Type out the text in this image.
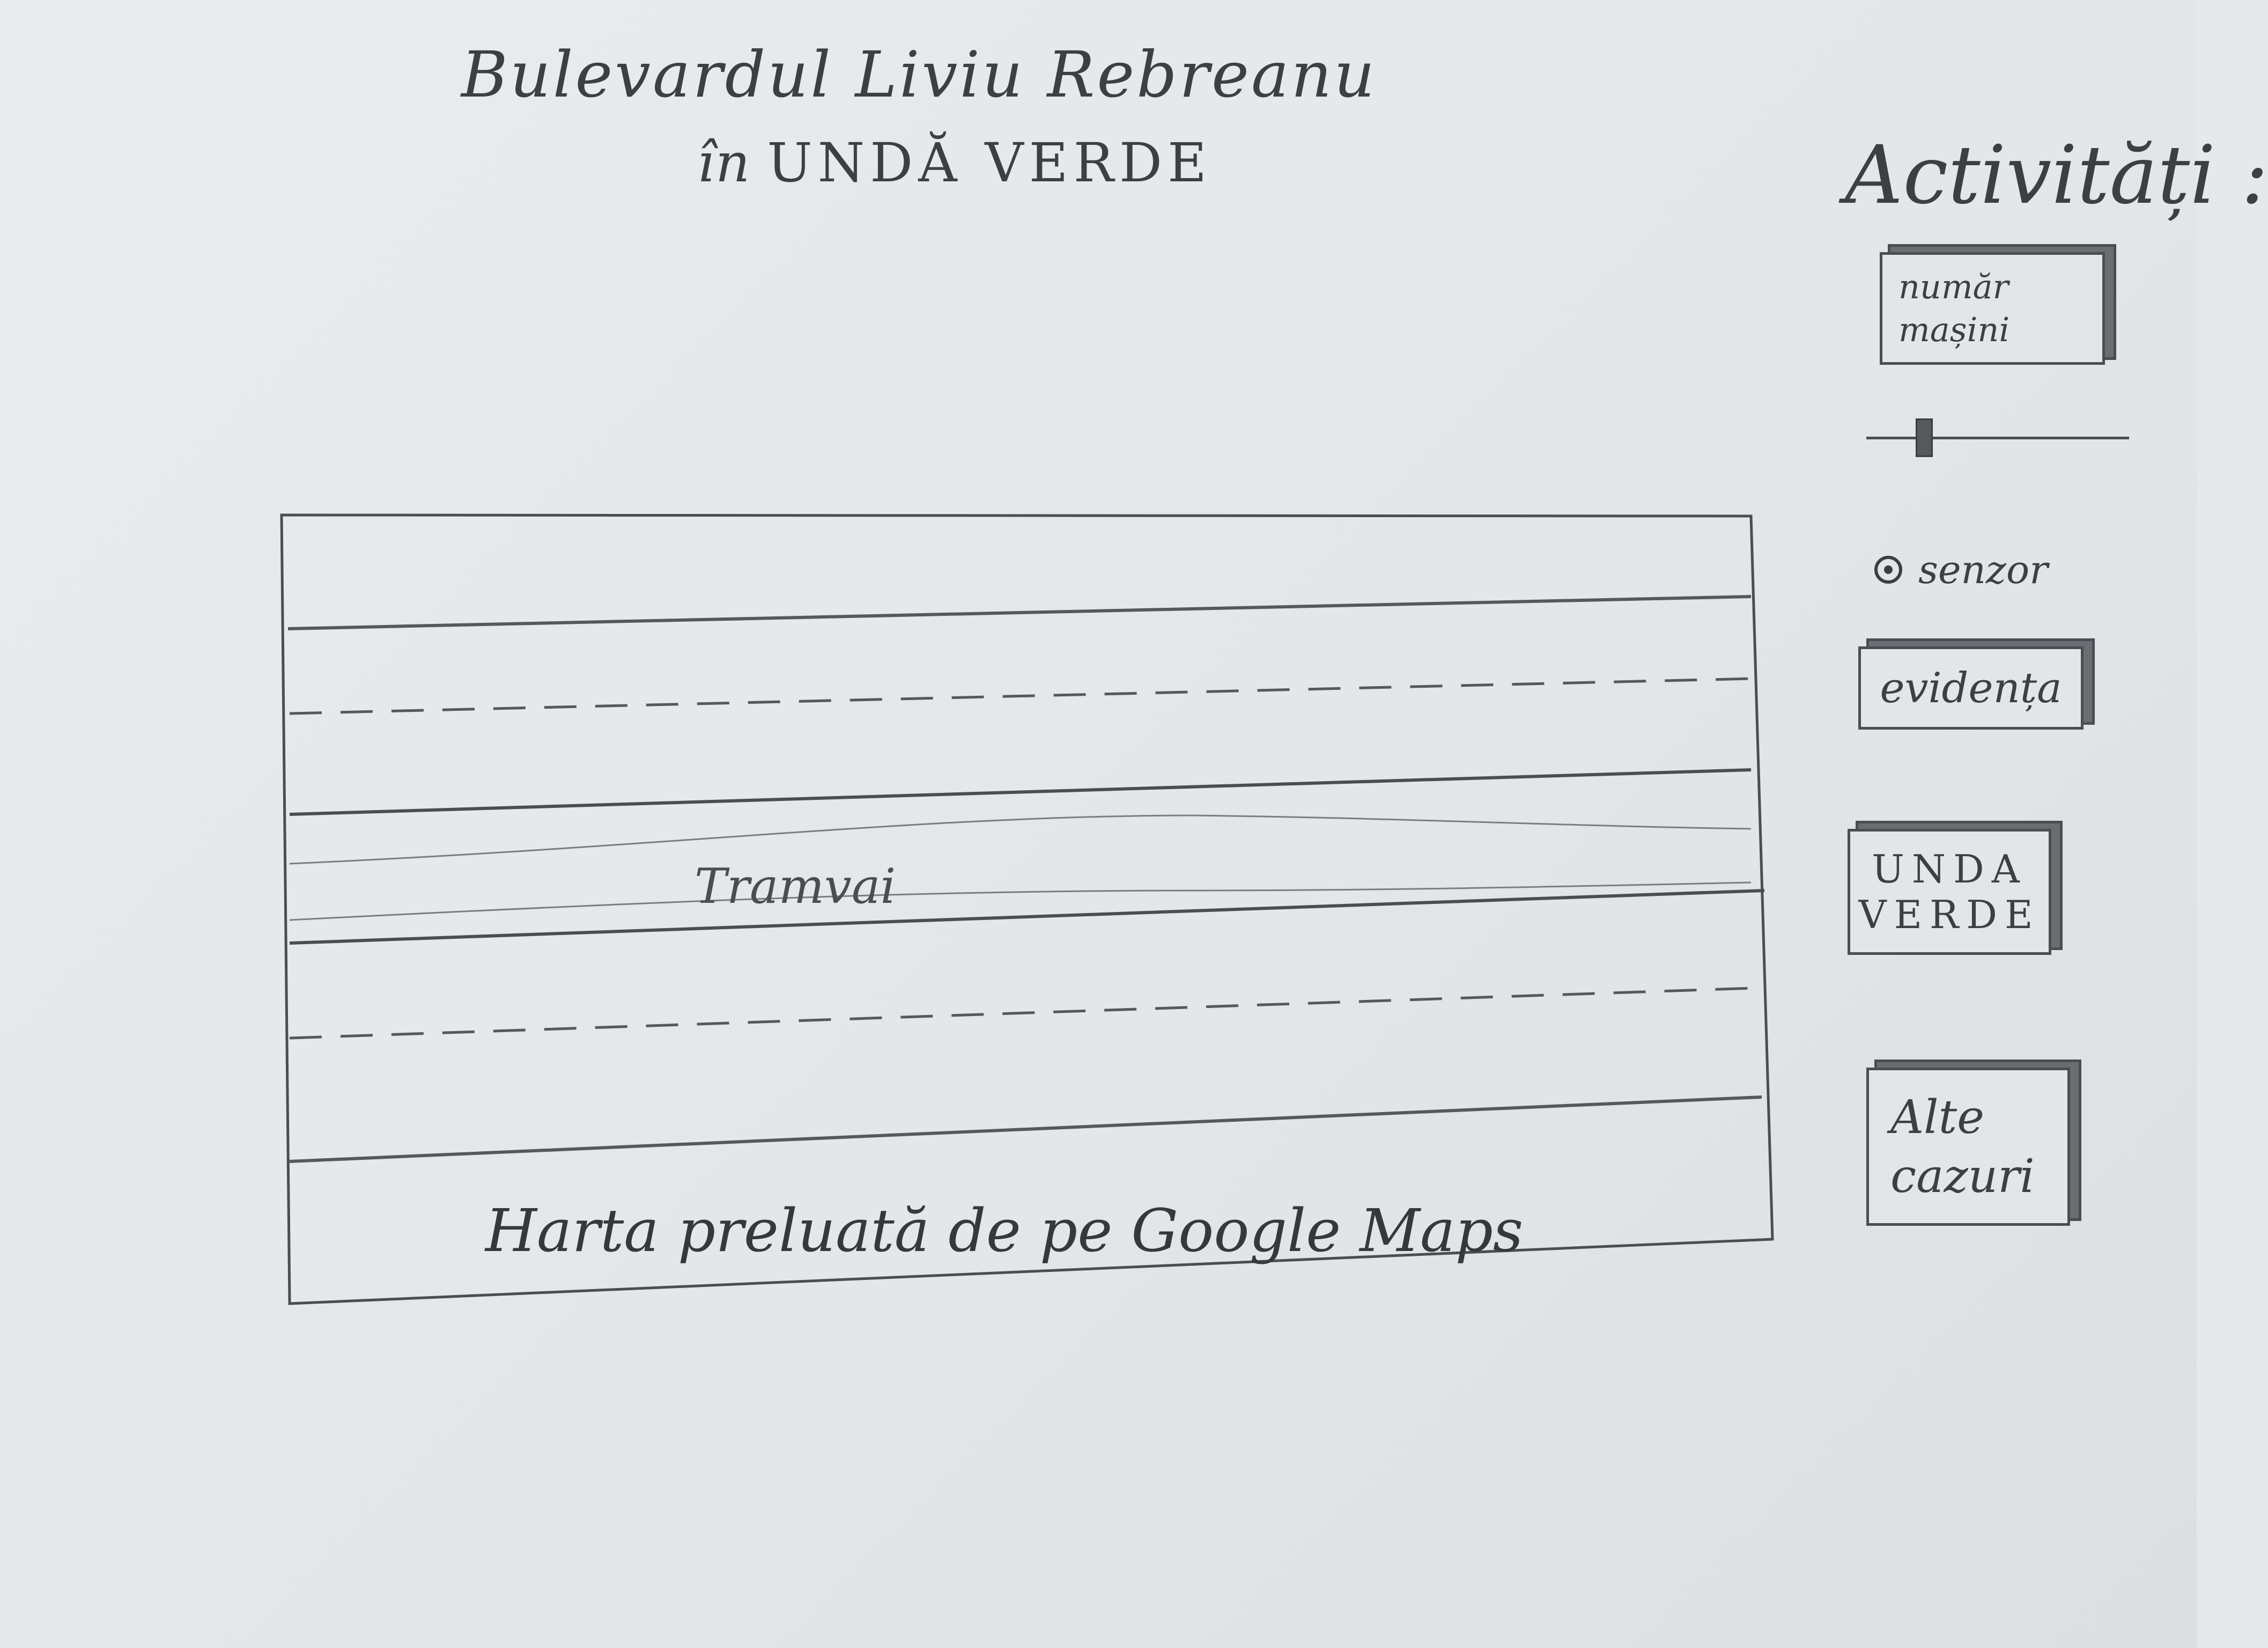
Bulevardul Liviu Rebreanu
în UNDĂ VERDE
Tramvai
Harta preluată de pe Google Maps
Activități :
număr
mașini
senzor
evidența
UNDA
VERDE
Alte
cazuri
